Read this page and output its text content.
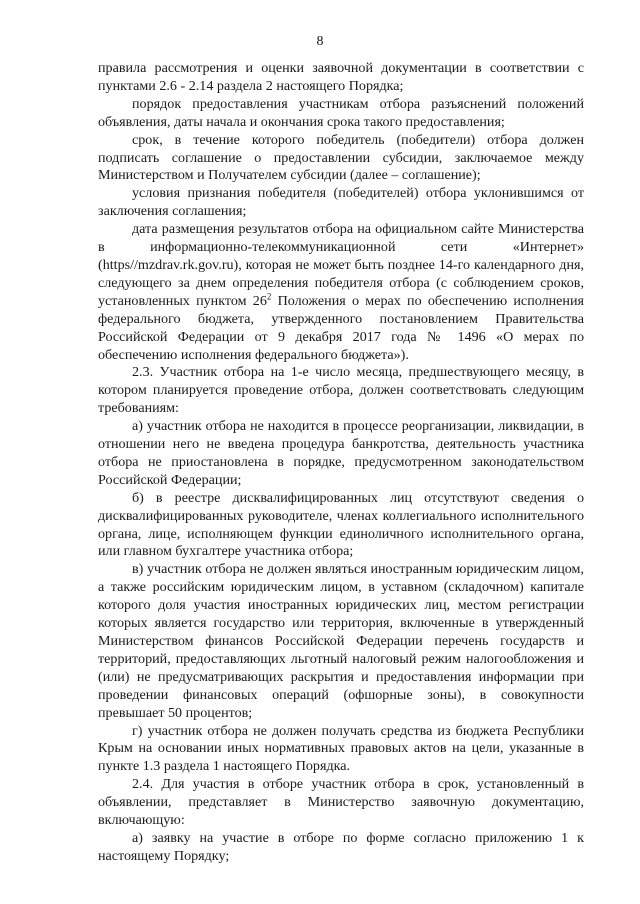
8

правила рассмотрения и оценки заявочной документации в соответствии с пунктами 2.6 - 2.14 раздела 2 настоящего Порядка;

порядок предоставления участникам отбора разъяснений положений объявления, даты начала и окончания срока такого предоставления;

срок, в течение которого победитель (победители) отбора должен подписать соглашение о предоставлении субсидии, заключаемое между Министерством и Получателем субсидии (далее – соглашение);

условия признания победителя (победителей) отбора уклонившимся от заключения соглашения;

дата размещения результатов отбора на официальном сайте Министерства в информационно-телекоммуникационной сети «Интернет» (https//mzdrav.rk.gov.ru), которая не может быть позднее 14-го календарного дня, следующего за днем определения победителя отбора (с соблюдением сроков, установленных пунктом $26^2$ Положения о мерах по обеспечению исполнения федерального бюджета, утвержденного постановлением Правительства Российской Федерации от 9 декабря 2017 года № 1496 «О мерах по обеспечению исполнения федерального бюджета»).

2.3. Участник отбора на 1-е число месяца, предшествующего месяцу, в котором планируется проведение отбора, должен соответствовать следующим требованиям:

а) участник отбора не находится в процессе реорганизации, ликвидации, в отношении него не введена процедура банкротства, деятельность участника отбора не приостановлена в порядке, предусмотренном законодательством Российской Федерации;

б) в реестре дисквалифицированных лиц отсутствуют сведения о дисквалифицированных руководителе, членах коллегиального исполнительного органа, лице, исполняющем функции единоличного исполнительного органа, или главном бухгалтере участника отбора;

в) участник отбора не должен являться иностранным юридическим лицом, а также российским юридическим лицом, в уставном (складочном) капитале которого доля участия иностранных юридических лиц, местом регистрации которых является государство или территория, включенные в утвержденный Министерством финансов Российской Федерации перечень государств и территорий, предоставляющих льготный налоговый режим налогообложения и (или) не предусматривающих раскрытия и предоставления информации при проведении финансовых операций (офшорные зоны), в совокупности превышает 50 процентов;

г) участник отбора не должен получать средства из бюджета Республики Крым на основании иных нормативных правовых актов на цели, указанные в пункте 1.3 раздела 1 настоящего Порядка.

2.4. Для участия в отборе участник отбора в срок, установленный в объявлении, представляет в Министерство заявочную документацию, включающую:

а) заявку на участие в отборе по форме согласно приложению 1 к настоящему Порядку;
